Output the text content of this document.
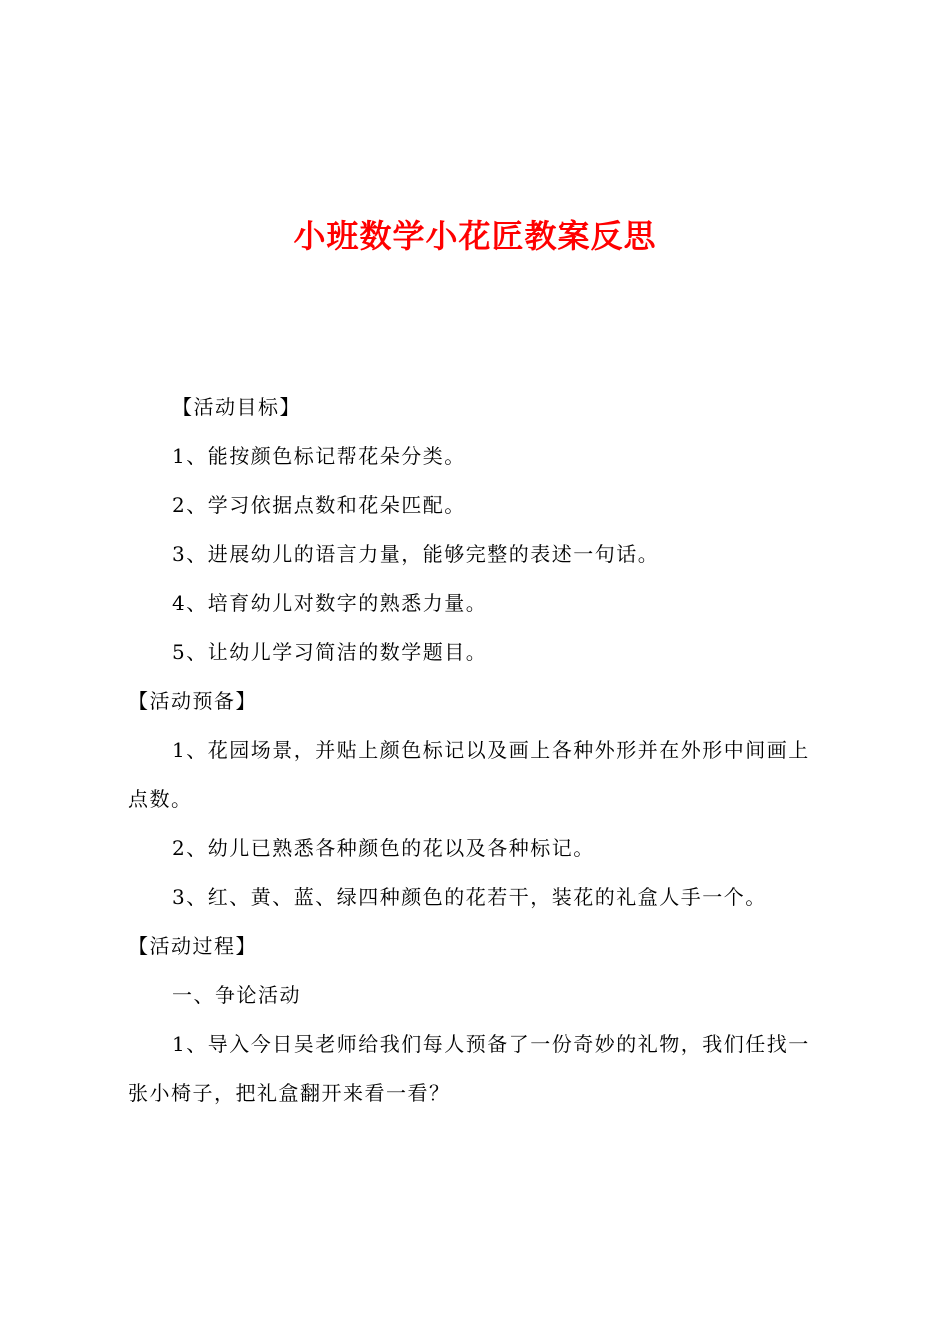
小班数学小花匠教案反思

【活动目标】

1、能按颜色标记帮花朵分类。

2、学习依据点数和花朵匹配。

3、进展幼儿的语言力量，能够完整的表述一句话。

4、培育幼儿对数字的熟悉力量。

5、让幼儿学习简洁的数学题目。

【活动预备】

1、花园场景，并贴上颜色标记以及画上各种外形并在外形中间画上
点数。

2、幼儿已熟悉各种颜色的花以及各种标记。

3、红、黄、蓝、绿四种颜色的花若干，装花的礼盒人手一个。

【活动过程】

一、争论活动

1、导入今日吴老师给我们每人预备了一份奇妙的礼物，我们任找一
张小椅子，把礼盒翻开来看一看？
